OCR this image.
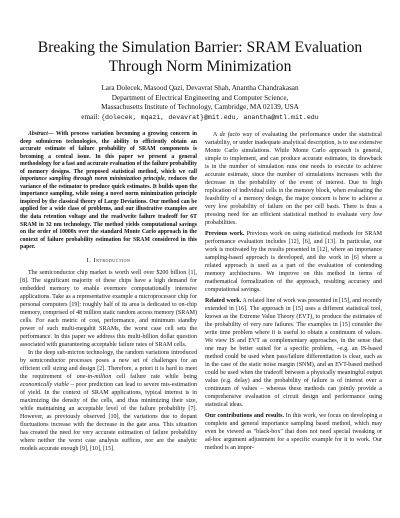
Breaking the Simulation Barrier: SRAM Evaluation
Through Norm Minimization
Lara Dolecek, Masood Qazi, Devavrat Shah, Anantha Chandrakasan
Department of Electrical Engineering and Computer Science,
Massachusetts Institute of Technology, Cambridge, MA 02139, USA
email: {dolecek, mqazi, devavrat}@mit.edu, anantha@mtl.mit.edu

Abstract— With process variation becoming a growing concern in deep submicron technologies, the ability to efficiently obtain an accurate estimate of failure probability of SRAM components is becoming a central issue. In this paper we present a general methodology for a fast and accurate evaluation of the failure probability of memory designs. The proposed statistical method, which we call importance sampling through norm minimization principle, reduces the variance of the estimator to produce quick estimates. It builds upon the importance sampling, while using a novel norm minimization principle inspired by the classical theory of Large Deviations. Our method can be applied for a wide class of problems, and our illustrative examples are the data retention voltage and the read/write failure tradeoff for 6T SRAM in 32 nm technology. The method yields computational savings on the order of 10000x over the standard Monte Carlo approach in the context of failure probability estimation for SRAM considered in this paper.

I. Introduction

The semiconductor chip market is worth well over $200 billion [1], [8]. The significant majority of these chips have a high demand for embedded memory to enable evermore computationally intensive applications. Take as a representative example a microprocessor chip for personal computers [19]: roughly half of its area is dedicated to on-chip memory, comprised of 48 million static random access memory (SRAM) cells. For each metric of cost, performance, and minimum standby power of such multi-megabit SRAMs, the worst case cell sets the performance. In this paper we address this multi-billion dollar question associated with guaranteeing acceptable failure rates of SRAM cells.

In the deep sub-micron technology, the random variations introduced by semiconductor processes poses a new set of challenges for an efficient cell sizing and design [2]. Therefore, a priori it is hard to meet the requirement of one-in-million cell failure rate while being economically viable – poor prediction can lead to severe mis-estimation of yield. In the context of SRAM applications, typical interest is in maximizing the density of the cells, and thus minimizing their size, while maintaining an acceptable level of the failure probability [7]. However, as previously observed [10], the variations due to dopant fluctuations increase with the decrease in the gate area. This situation has created the need for very accurate estimation of failure probability where neither the worst case analysis suffices, nor are the analytic models accurate enough [9], [10], [15].

A de facto way of evaluating the performance under the statistical variability, or under inadequate analytical description, is to use extensive Monte Carlo simulations. While Monte Carlo approach is general, simple to implement, and can produce accurate estimates, its drawback is in the number of simulation runs one needs to execute to achieve accurate estimate, since the number of simulations increases with the decrease in the probability of the event of interest. Due to high replication of individual cells in the memory block, when evaluating the feasibility of a memory design, the major concern is how to achieve a very low probability of failure on the per cell basis. There is thus a pressing need for an efficient statistical method to evaluate very low probabilities.

Previous work. Previous work on using statistical methods for SRAM performance evaluation includes [12], [6], and [13]. In particular, our work is motivated by the results presented in [12], where an importance sampling-based approach is developed, and the work in [6] where a related approach is used as a part of the evaluation of contending memory architectures. We improve on this method in terms of mathematical formalization of the approach, resulting accuracy and computational savings.

Related work. A related line of work was presented in [15], and recently extended in [16]. The approach in [15] uses a different statistical tool, known as the Extreme Value Theory (EVT), to produce the estimates of the probability of very rare failures. The examples in [15] consider the write time problem where it is useful to obtain a continuum of values. We view IS and EVT as complementary approaches, in the sense that one may be better suited for a specific problem, –e.g. an IS-based method could be used when pass/failure differentiation is clear, such as in the case of the static noise margin (SNM), and an EVT-based method could be used when the tradeoff between a physically meaningful output value (e.g. delay) and the probability of failure is of interest over a continuum of values – whereas these methods can jointly provide a comprehensive evaluation of circuit design and performance using statistical ideas.

Our contributions and results. In this work, we focus on developing a complete and general importance sampling based method, which may even be viewed as "black-box" that does not need special tweaking or ad-hoc argument adjustment for a specific example for it to work. Our method is an impor-
